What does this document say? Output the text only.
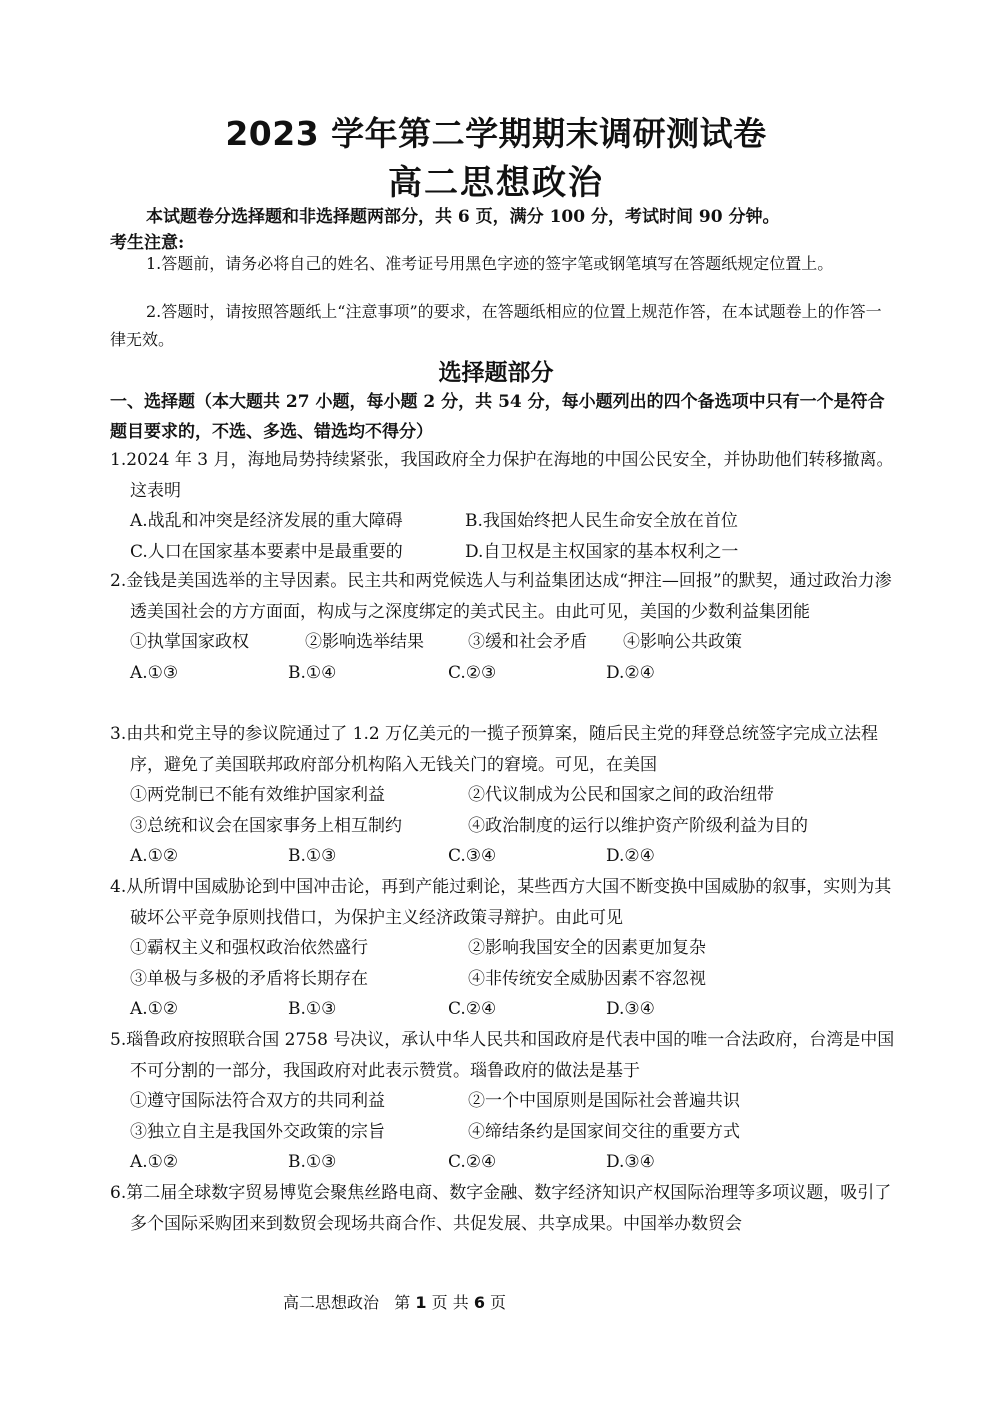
2023 学年第二学期期末调研测试卷
高二思想政治
本试题卷分选择题和非选择题两部分，共 6 页，满分 100 分，考试时间 90 分钟。
考生注意:
1.答题前，请务必将自己的姓名、准考证号用黑色字迹的签字笔或钢笔填写在答题纸规定位置上。
2.答题时，请按照答题纸上“注意事项”的要求，在答题纸相应的位置上规范作答，在本试题卷上的作答一律无效。
选择题部分
一、选择题（本大题共 27 小题，每小题 2 分，共 54 分，每小题列出的四个备选项中只有一个是符合题目要求的，不选、多选、错选均不得分）
1.2024 年 3 月，海地局势持续紧张，我国政府全力保护在海地的中国公民安全，并协助他们转移撤离。这表明
A.战乱和冲突是经济发展的重大障碍	B.我国始终把人民生命安全放在首位
C.人口在国家基本要素中是最重要的	D.自卫权是主权国家的基本权利之一
2.金钱是美国选举的主导因素。民主共和两党候选人与利益集团达成“押注—回报”的默契，通过政治力渗透美国社会的方方面面，构成与之深度绑定的美式民主。由此可见，美国的少数利益集团能
①执掌国家政权	②影响选举结果	③缓和社会矛盾 ④影响公共政策
A.①③	B.①④	C.②③	D.②④
3.由共和党主导的参议院通过了 1.2 万亿美元的一揽子预算案，随后民主党的拜登总统签字完成立法程序，避免了美国联邦政府部分机构陷入无钱关门的窘境。可见，在美国
①两党制已不能有效维护国家利益	②代议制成为公民和国家之间的政治纽带
③总统和议会在国家事务上相互制约	④政治制度的运行以维护资产阶级利益为目的
A.①②	B.①③	C.③④	D.②④
4.从所谓中国威胁论到中国冲击论，再到产能过剩论，某些西方大国不断变换中国威胁的叙事，实则为其破坏公平竞争原则找借口，为保护主义经济政策寻辩护。由此可见
①霸权主义和强权政治依然盛行	②影响我国安全的因素更加复杂
③单极与多极的矛盾将长期存在	④非传统安全威胁因素不容忽视
A.①②	B.①③	C.②④	D.③④
5.瑙鲁政府按照联合国 2758 号决议，承认中华人民共和国政府是代表中国的唯一合法政府，台湾是中国不可分割的一部分，我国政府对此表示赞赏。瑙鲁政府的做法是基于
①遵守国际法符合双方的共同利益	②一个中国原则是国际社会普遍共识
③独立自主是我国外交政策的宗旨	④缔结条约是国家间交往的重要方式
A.①②	B.①③	C.②④	D.③④
6.第二届全球数字贸易博览会聚焦丝路电商、数字金融、数字经济知识产权国际治理等多项议题，吸引了多个国际采购团来到数贸会现场共商合作、共促发展、共享成果。中国举办数贸会
高二思想政治 第 1 页 共 6 页
